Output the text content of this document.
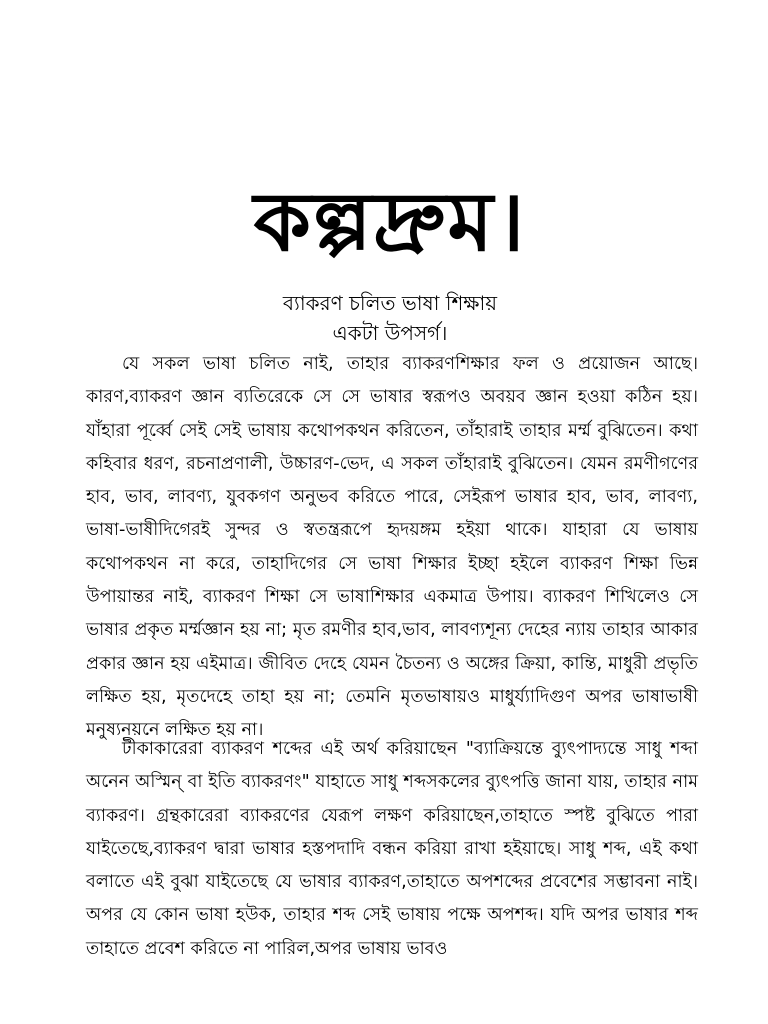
কল্পদ্রুম।
ব্যাকরণ চলিত ভাষা শিক্ষায়
একটা উপসর্গ।
যে সকল ভাষা চলিত নাই, তাহার ব্যাকরণশিক্ষার ফল ও প্রয়োজন আছে। কারণ,ব্যাকরণ জ্ঞান ব্যতিরেকে সে সে ভাষার স্বরূপও অবয়ব জ্ঞান হওয়া কঠিন হয়। যাঁহারা পূর্ব্বে সেই সেই ভাষায় কথোপকথন করিতেন, তাঁহারাই তাহার মর্ম্ম বুঝিতেন। কথা কহিবার ধরণ, রচনাপ্রণালী, উচ্চারণ-ভেদ, এ সকল তাঁহারাই বুঝিতেন। যেমন রমণীগণের হাব, ভাব, লাবণ্য, যুবকগণ অনুভব করিতে পারে, সেইরূপ ভাষার হাব, ভাব, লাবণ্য, ভাষা-ভাষীদিগেরই সুন্দর ও স্বতন্ত্ররূপে হৃদয়ঙ্গম হইয়া থাকে। যাহারা যে ভাষায় কথোপকথন না করে, তাহাদিগের সে ভাষা শিক্ষার ইচ্ছা হইলে ব্যাকরণ শিক্ষা ভিন্ন উপায়ান্তর নাই, ব্যাকরণ শিক্ষা সে ভাষাশিক্ষার একমাত্র উপায়। ব্যাকরণ শিখিলেও সে ভাষার প্রকৃত মর্ম্মজ্ঞান হয় না; মৃত রমণীর হাব,ভাব, লাবণ্যশূন্য দেহের ন্যায় তাহার আকার প্রকার জ্ঞান হয় এইমাত্র। জীবিত দেহে যেমন চৈতন্য ও অঙ্গের ক্রিয়া, কান্তি, মাধুরী প্রভৃতি লক্ষিত হয়, মৃতদেহে তাহা হয় না; তেমনি মৃতভাষায়ও মাধুর্য্যাদিগুণ অপর ভাষাভাষী মনুষ্যনয়নে লক্ষিত হয় না।
টীকাকারেরা ব্যাকরণ শব্দের এই অর্থ করিয়াছেন "ব্যাক্রিয়ন্তে ব্যুৎপাদ্যন্তে সাধু শব্দা অনেন অস্মিন্ বা ইতি ব্যাকরণং" যাহাতে সাধু শব্দসকলের ব্যুৎপত্তি জানা যায়, তাহার নাম ব্যাকরণ। গ্রন্থকারেরা ব্যাকরণের যেরূপ লক্ষণ করিয়াছেন,তাহাতে স্পষ্ট বুঝিতে পারা যাইতেছে,ব্যাকরণ দ্বারা ভাষার হস্তপদাদি বন্ধন করিয়া রাখা হইয়াছে। সাধু শব্দ, এই কথা বলাতে এই বুঝা যাইতেছে যে ভাষার ব্যাকরণ,তাহাতে অপশব্দের প্রবেশের সম্ভাবনা নাই। অপর যে কোন ভাষা হউক, তাহার শব্দ সেই ভাষায় পক্ষে অপশব্দ। যদি অপর ভাষার শব্দ তাহাতে প্রবেশ করিতে না পারিল,অপর ভাষায় ভাবও
